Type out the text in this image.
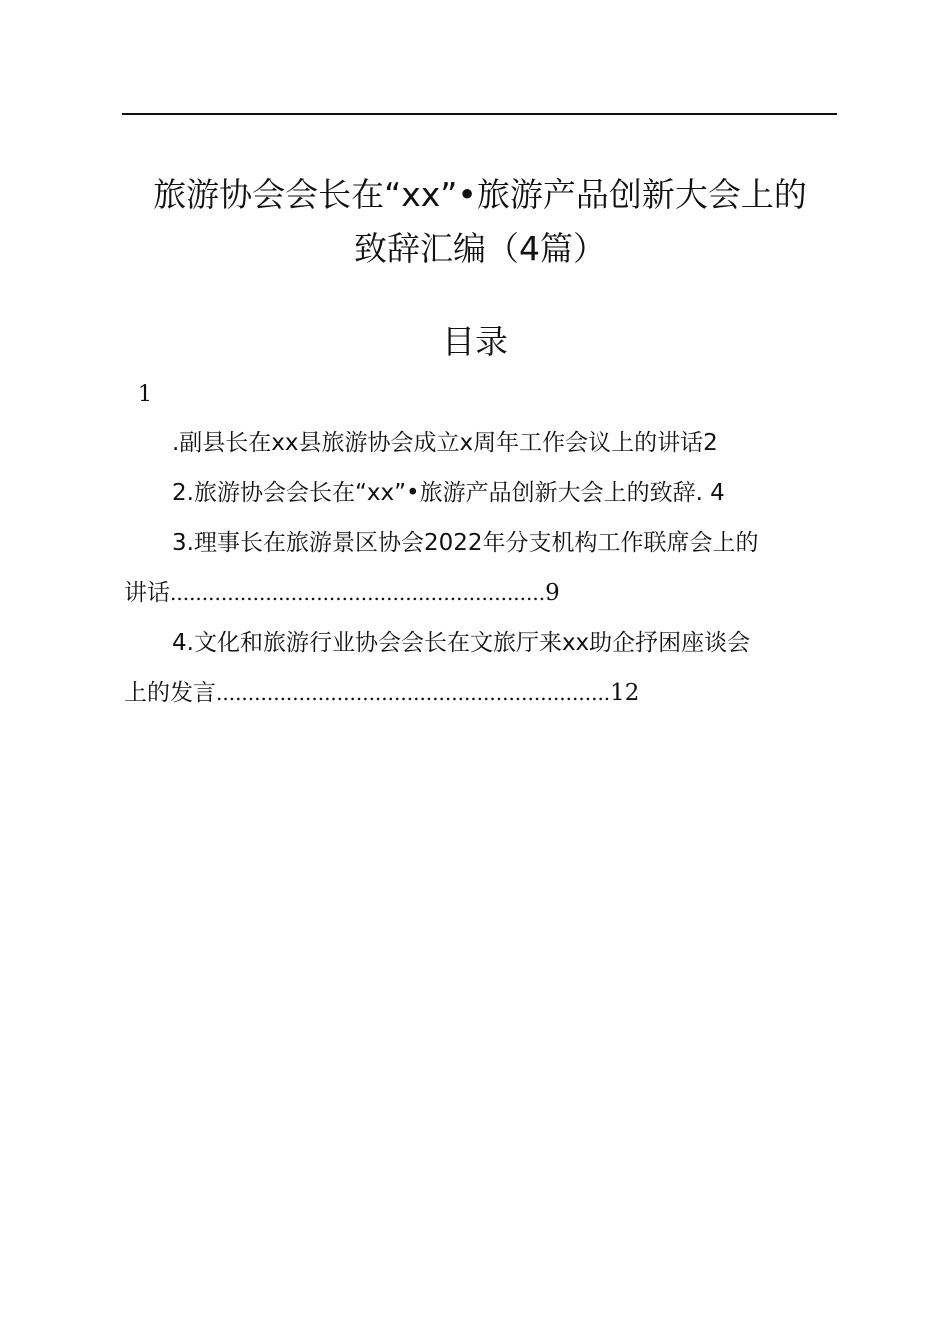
旅游协会会长在“xx”•旅游产品创新大会上的
致辞汇编（4篇）
目录
1
.副县长在xx县旅游协会成立x周年工作会议上的讲话2
2.旅游协会会长在“xx”•旅游产品创新大会上的致辞. 4
3.理事长在旅游景区协会2022年分支机构工作联席会上的
讲话...........................................................9
4.文化和旅游行业协会会长在文旅厅来xx助企抒困座谈会
上的发言..............................................................12
